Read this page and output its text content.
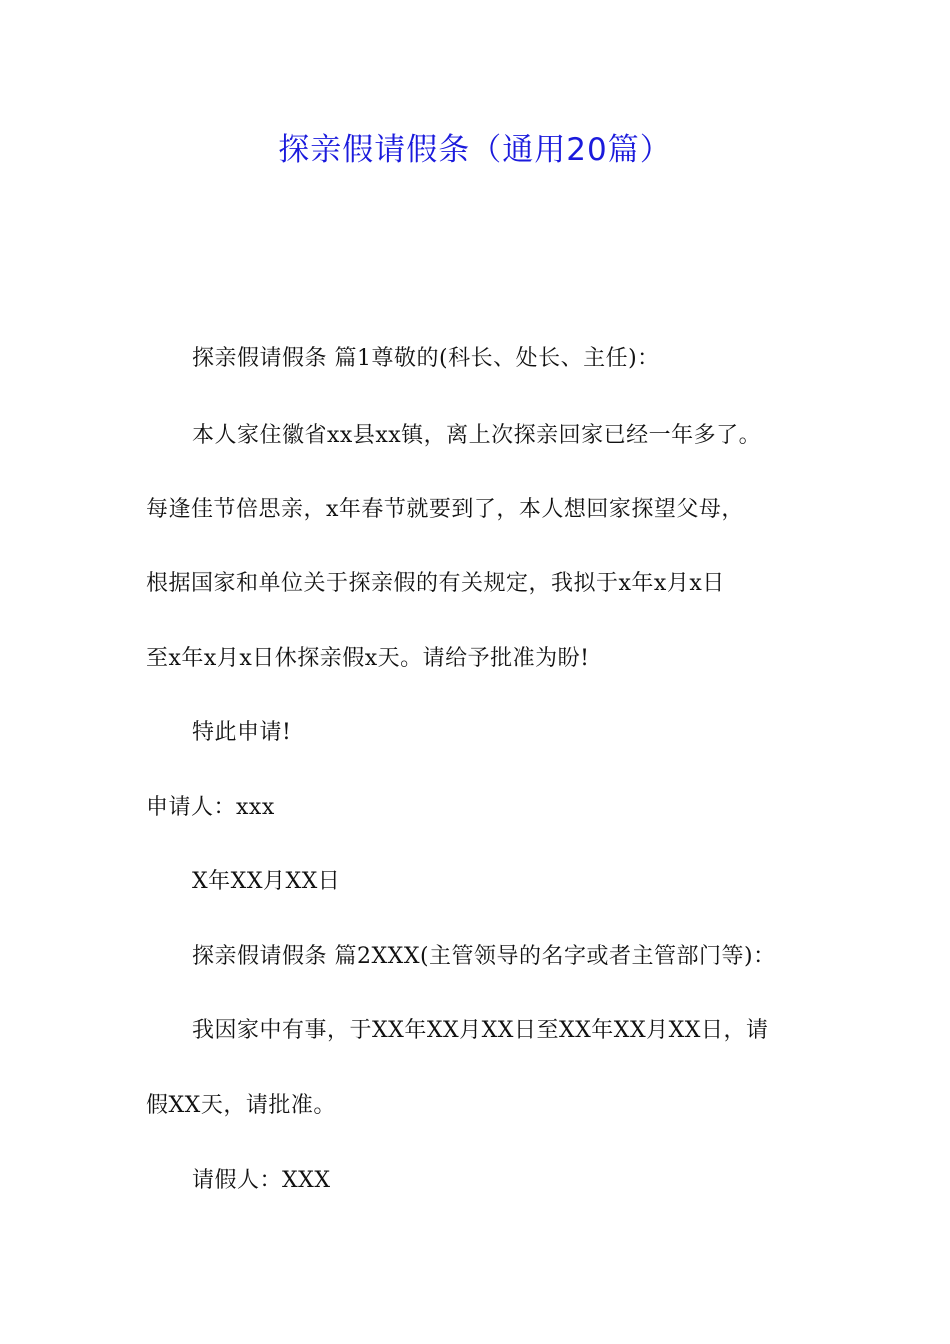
探亲假请假条（通用20篇）
探亲假请假条 篇1尊敬的(科长、处长、主任)：
本人家住徽省xx县xx镇，离上次探亲回家已经一年多了。
每逢佳节倍思亲，x年春节就要到了，本人想回家探望父母，
根据国家和单位关于探亲假的有关规定，我拟于x年x月x日
至x年x月x日休探亲假x天。请给予批准为盼!
特此申请!
申请人：xxx
X年XX月XX日
探亲假请假条 篇2XXX(主管领导的名字或者主管部门等)：
我因家中有事，于XX年XX月XX日至XX年XX月XX日，请
假XX天，请批准。
请假人：XXX
